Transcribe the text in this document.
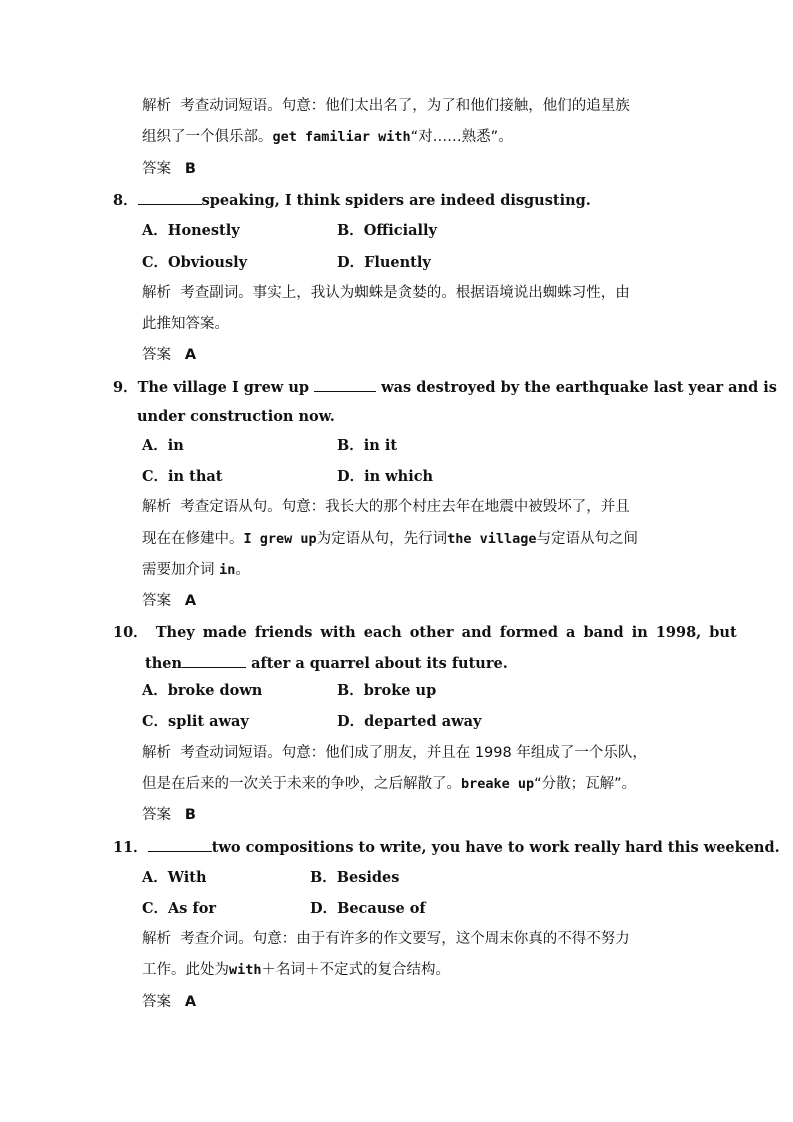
解析 考查动词短语。句意：他们太出名了，为了和他们接触，他们的追星族
组织了一个俱乐部。get familiar with“对……熟悉”。
答案 B
8．	speaking, I think spiders are indeed disgusting.
A．Honestly	B．Officially
C．Obviously	D．Fluently
解析 考查副词。事实上，我认为蜘蛛是贪婪的。根据语境说出蜘蛛习性，由
此推知答案。
答案 A
9．The village I grew up	was destroyed by the earthquake last year and is
under construction now.
A．in	B．in it
C．in that	D．in which
解析 考查定语从句。句意：我长大的那个村庄去年在地震中被毁坏了，并且
现在在修建中。I grew up为定语从句，先行词the village与定语从句之间
需要加介词 in。
答案 A
10． They made friends with each other and formed a band in 1998, but
then	after a quarrel about its future.
A．broke down	B．broke up
C．split away	D．departed away
解析 考查动词短语。句意：他们成了朋友，并且在 1998 年组成了一个乐队，
但是在后来的一次关于未来的争吵，之后解散了。breake up“分散；瓦解”。
答案 B
11．	two compositions to write, you have to work really hard this weekend.
A．With	B．Besides
C．As for	D．Because of
解析 考查介词。句意：由于有许多的作文要写，这个周末你真的不得不努力
工作。此处为with＋名词＋不定式的复合结构。
答案 A
